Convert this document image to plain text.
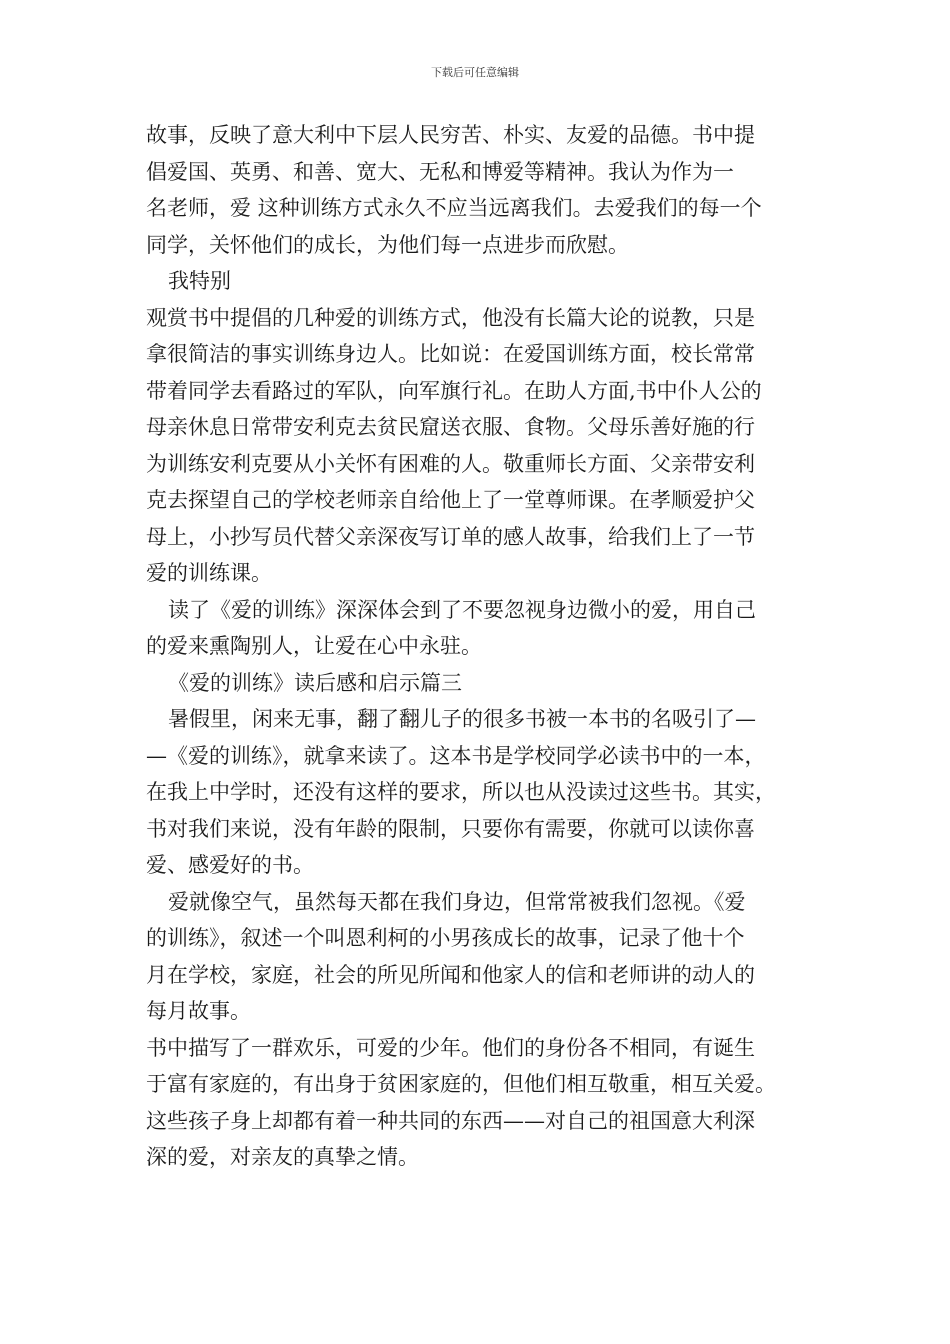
下载后可任意编辑
故事，反映了意大利中下层人民穷苦、朴实、友爱的品德。书中提
倡爱国、英勇、和善、宽大、无私和博爱等精神。我认为作为一
名老师，爱 这种训练方式永久不应当远离我们。去爱我们的每一个
同学，关怀他们的成长，为他们每一点进步而欣慰。
我特别
观赏书中提倡的几种爱的训练方式，他没有长篇大论的说教，只是
拿很简洁的事实训练身边人。比如说：在爱国训练方面，校长常常
带着同学去看路过的军队，向军旗行礼。在助人方面,书中仆人公的
母亲休息日常带安利克去贫民窟送衣服、食物。父母乐善好施的行
为训练安利克要从小关怀有困难的人。敬重师长方面、父亲带安利
克去探望自己的学校老师亲自给他上了一堂尊师课。在孝顺爱护父
母上，小抄写员代替父亲深夜写订单的感人故事，给我们上了一节
爱的训练课。
读了《爱的训练》深深体会到了不要忽视身边微小的爱，用自己
的爱来熏陶别人，让爱在心中永驻。
《爱的训练》读后感和启示篇三
暑假里，闲来无事，翻了翻儿子的很多书被一本书的名吸引了—
—《爱的训练》，就拿来读了。这本书是学校同学必读书中的一本，
在我上中学时，还没有这样的要求，所以也从没读过这些书。其实，
书对我们来说，没有年龄的限制，只要你有需要，你就可以读你喜
爱、感爱好的书。
爱就像空气，虽然每天都在我们身边，但常常被我们忽视。《爱
的训练》，叙述一个叫恩利柯的小男孩成长的故事，记录了他十个
月在学校，家庭，社会的所见所闻和他家人的信和老师讲的动人的
每月故事。
书中描写了一群欢乐，可爱的少年。他们的身份各不相同，有诞生
于富有家庭的，有出身于贫困家庭的，但他们相互敬重，相互关爱。
这些孩子身上却都有着一种共同的东西——对自己的祖国意大利深
深的爱，对亲友的真挚之情。
